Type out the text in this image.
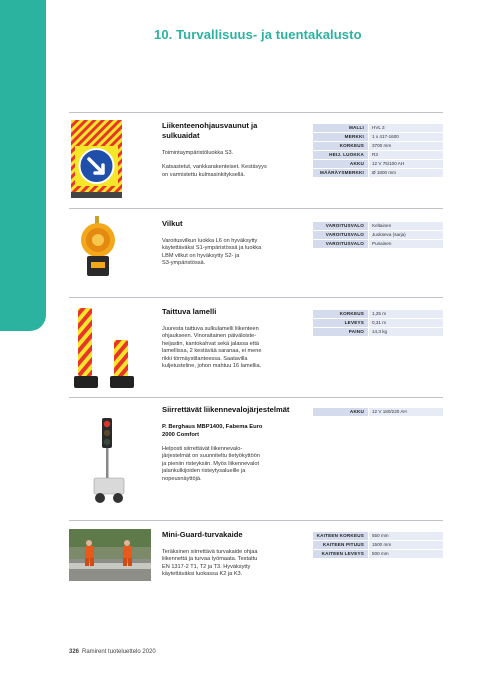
10. Turvallisuus- ja tuentakalusto
Liikenteenohjausvaunut ja
sulkuaidat
Toimintaympäristöluokka S3.
Katsastetut, vankkarakenteiset. Kestävyys
on varmistettu kulmasinkityksellä.
MALLI	HVL 3
MERKKI	1 x 417-1600
KORKEUS	3700 mm
HEIJ. LUOKKA	R3
AKKU	12 V 75/100 AH
MÄÄRÄYSMERKKI	Ø 1800 mm
Vilkut
Varoitusvilkun luokka L6 on hyväksytty
käytettäväksi S1-ympäristössä ja luokka
LBM vilkut on hyväksytty S2- ja
S3-ympäristössä.
VAROITUSVALO	Keltainen
VAROITUSVALO	Juokseva (sarja)
VAROITUSVALO	Punainen
Taittuva lamelli
Juuresta taittuva sulkulamelli liikenteen
ohjaukseen. Vinoraitainen päiväloiste-
heijastin, kantokahvat sekä jalassa että
lamellissa, 2 kestävää saranaa, ei mene
rikki törmäystilanteessa. Saatavilla
kuljetusteline, johon mahtuu 16 lamellia.
KORKEUS	1,25 m
LEVEYS	0,31 m
PAINO	14,3 kg
Siirrettävät liikennevalojärjestelmät
P. Berghaus MBP1400, Fabema Euro
2000 Comfort
Helposti siirrettävät liikennevalo-
järjestelmät on suunniteltu tietyökyttöön
ja pieniin risteyksiin. Myös liikennevalot
jalankulkijoiden risteytysalueille ja
nopeusnäyttöjä.
AKKU	12 V 180/220 AH
Mini-Guard-turvakaide
Teräksinen siirrettävä turvakaide ohjaa
liikennettä ja turvaa työmaata. Testattu
EN 1317-2 T1, T2 ja T3. Hyväksytty
käytettäväksi luokassa K2 ja K3.
KAITEEN KORKEUS	550 mm
KAITEEN PITUUS	1500 mm
KAITEEN LEVEYS	500 mm
326 Ramirent tuoteluettelo 2020
